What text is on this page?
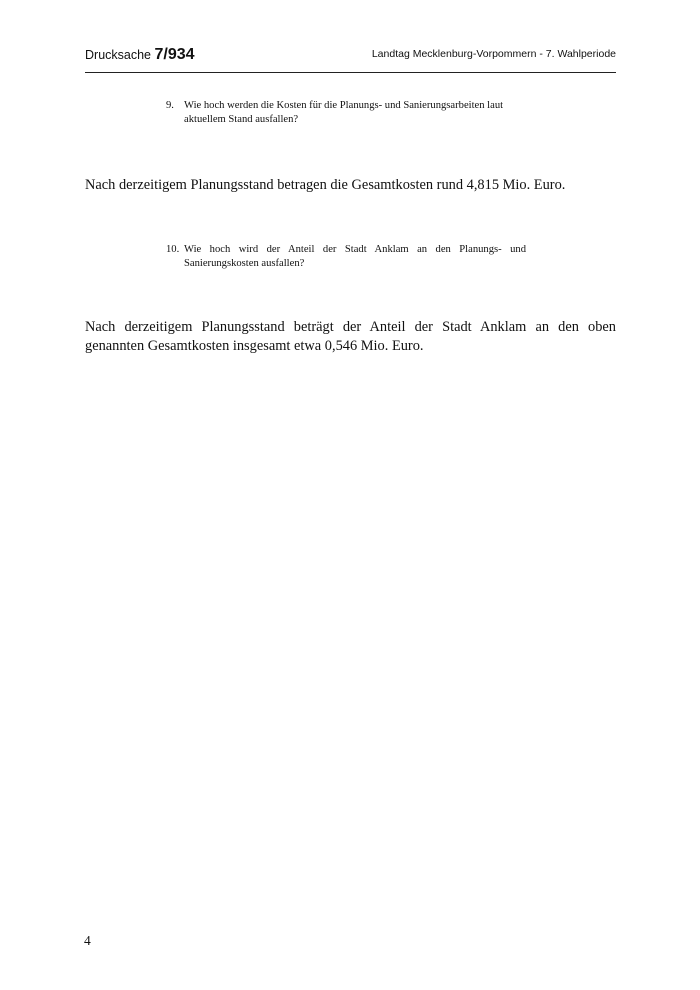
Drucksache 7/934	Landtag Mecklenburg-Vorpommern - 7. Wahlperiode
9. Wie hoch werden die Kosten für die Planungs- und Sanierungsarbeiten laut aktuellem Stand ausfallen?
Nach derzeitigem Planungsstand betragen die Gesamtkosten rund 4,815 Mio. Euro.
10. Wie hoch wird der Anteil der Stadt Anklam an den Planungs- und Sanierungskosten ausfallen?
Nach derzeitigem Planungsstand beträgt der Anteil der Stadt Anklam an den oben genannten Gesamtkosten insgesamt etwa 0,546 Mio. Euro.
4
